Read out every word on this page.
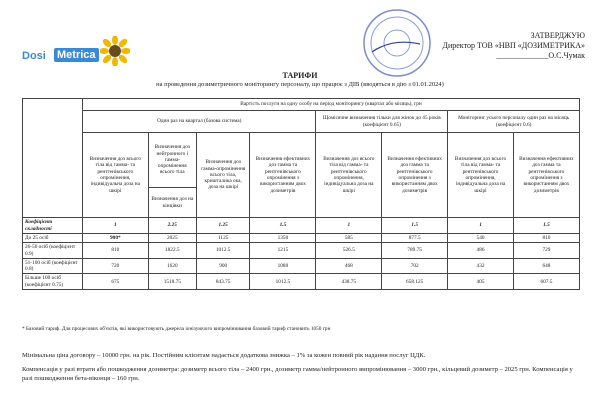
Dosi Metrica
ЗАТВЕРДЖУЮ
Директор ТОВ «НВП «ДОЗИМЕТРИКА»
_____________О.С.Чумак
ТАРИФИ
на проведення дозиметричного моніторингу персоналу, що працює з ДІВ (вводяться в дію з 01.01.2024)
	Вартість послуги на одну особу на період моніторингу (квартал або місяць), грн							
	Один раз на квартал (базова система)				Щомісячне визначення тільки для жінок до 45 років (коефіцієнт 0.65)		Моніторинг усього персоналу один раз на місяць (коефіцієнт 0.6)	
	Визначення доз всього тіла від гамма- та рентгенівського опромінення, індивідуальна доза на шкірі	Визначення доз нейтронного і гамма-опромінення всього тіла	Визначення доз гамма-опромінення всього тіла, кришталика ока, доза на шкірі	Визначення ефективних доз гамма та рентгенівського опромінення з використанням двох дозиметрів	Визначення доз всього тіла від гамма- та рентгенівського опромінення, індивідуальна доза на шкірі	Визначення ефективних доз гамма та рентгенівського опромінення з використанням двох дозиметрів	Визначення доз всього тіла від гамма- та рентгенівського опромінення, індивідуальна доза на шкірі	Визначення ефективних доз гамма та рентгенівського опромінення з використанням двох дозиметрів
		Визначення доз на кінцівки						
Коефіцієнт складності	1	2.25	1.25	1.5	1	1.5	1	1.5
До 25 осіб	900*	2025	1125	1350	585	877.5	540	810
26-50 осіб (коефіцієнт 0.9)	810	1822.5	1012.5	1215	526.5	789.75	486	729
51-100 осіб (коефіцієнт 0.8)	720	1620	900	1080	468	702	432	648
Більше 100 осіб (коефіцієнт 0.75)	675	1518.75	843.75	1012.5	438.75	658.125	405	607.5
* Базовий тариф. Для процесових об'єктів, які використовують джерела іонізуючого випромінювання базовий тариф становить 1050 грн
Мінімальна ціна договору – 10000 грн. на рік. Постійним клієнтам надається додаткова знижка – 1% за кожен повний рік надання послуг ЦДК.
Компенсація у разі втрати або пошкодження дозиметра: дозиметр всього тіла – 2400 грн., дозиметр гамма/нейтронного випромінювання – 3000 грн., кільцевий дозиметр – 2025 грн. Компенсація у разі пошкодження бета-віконця – 160 грн.
